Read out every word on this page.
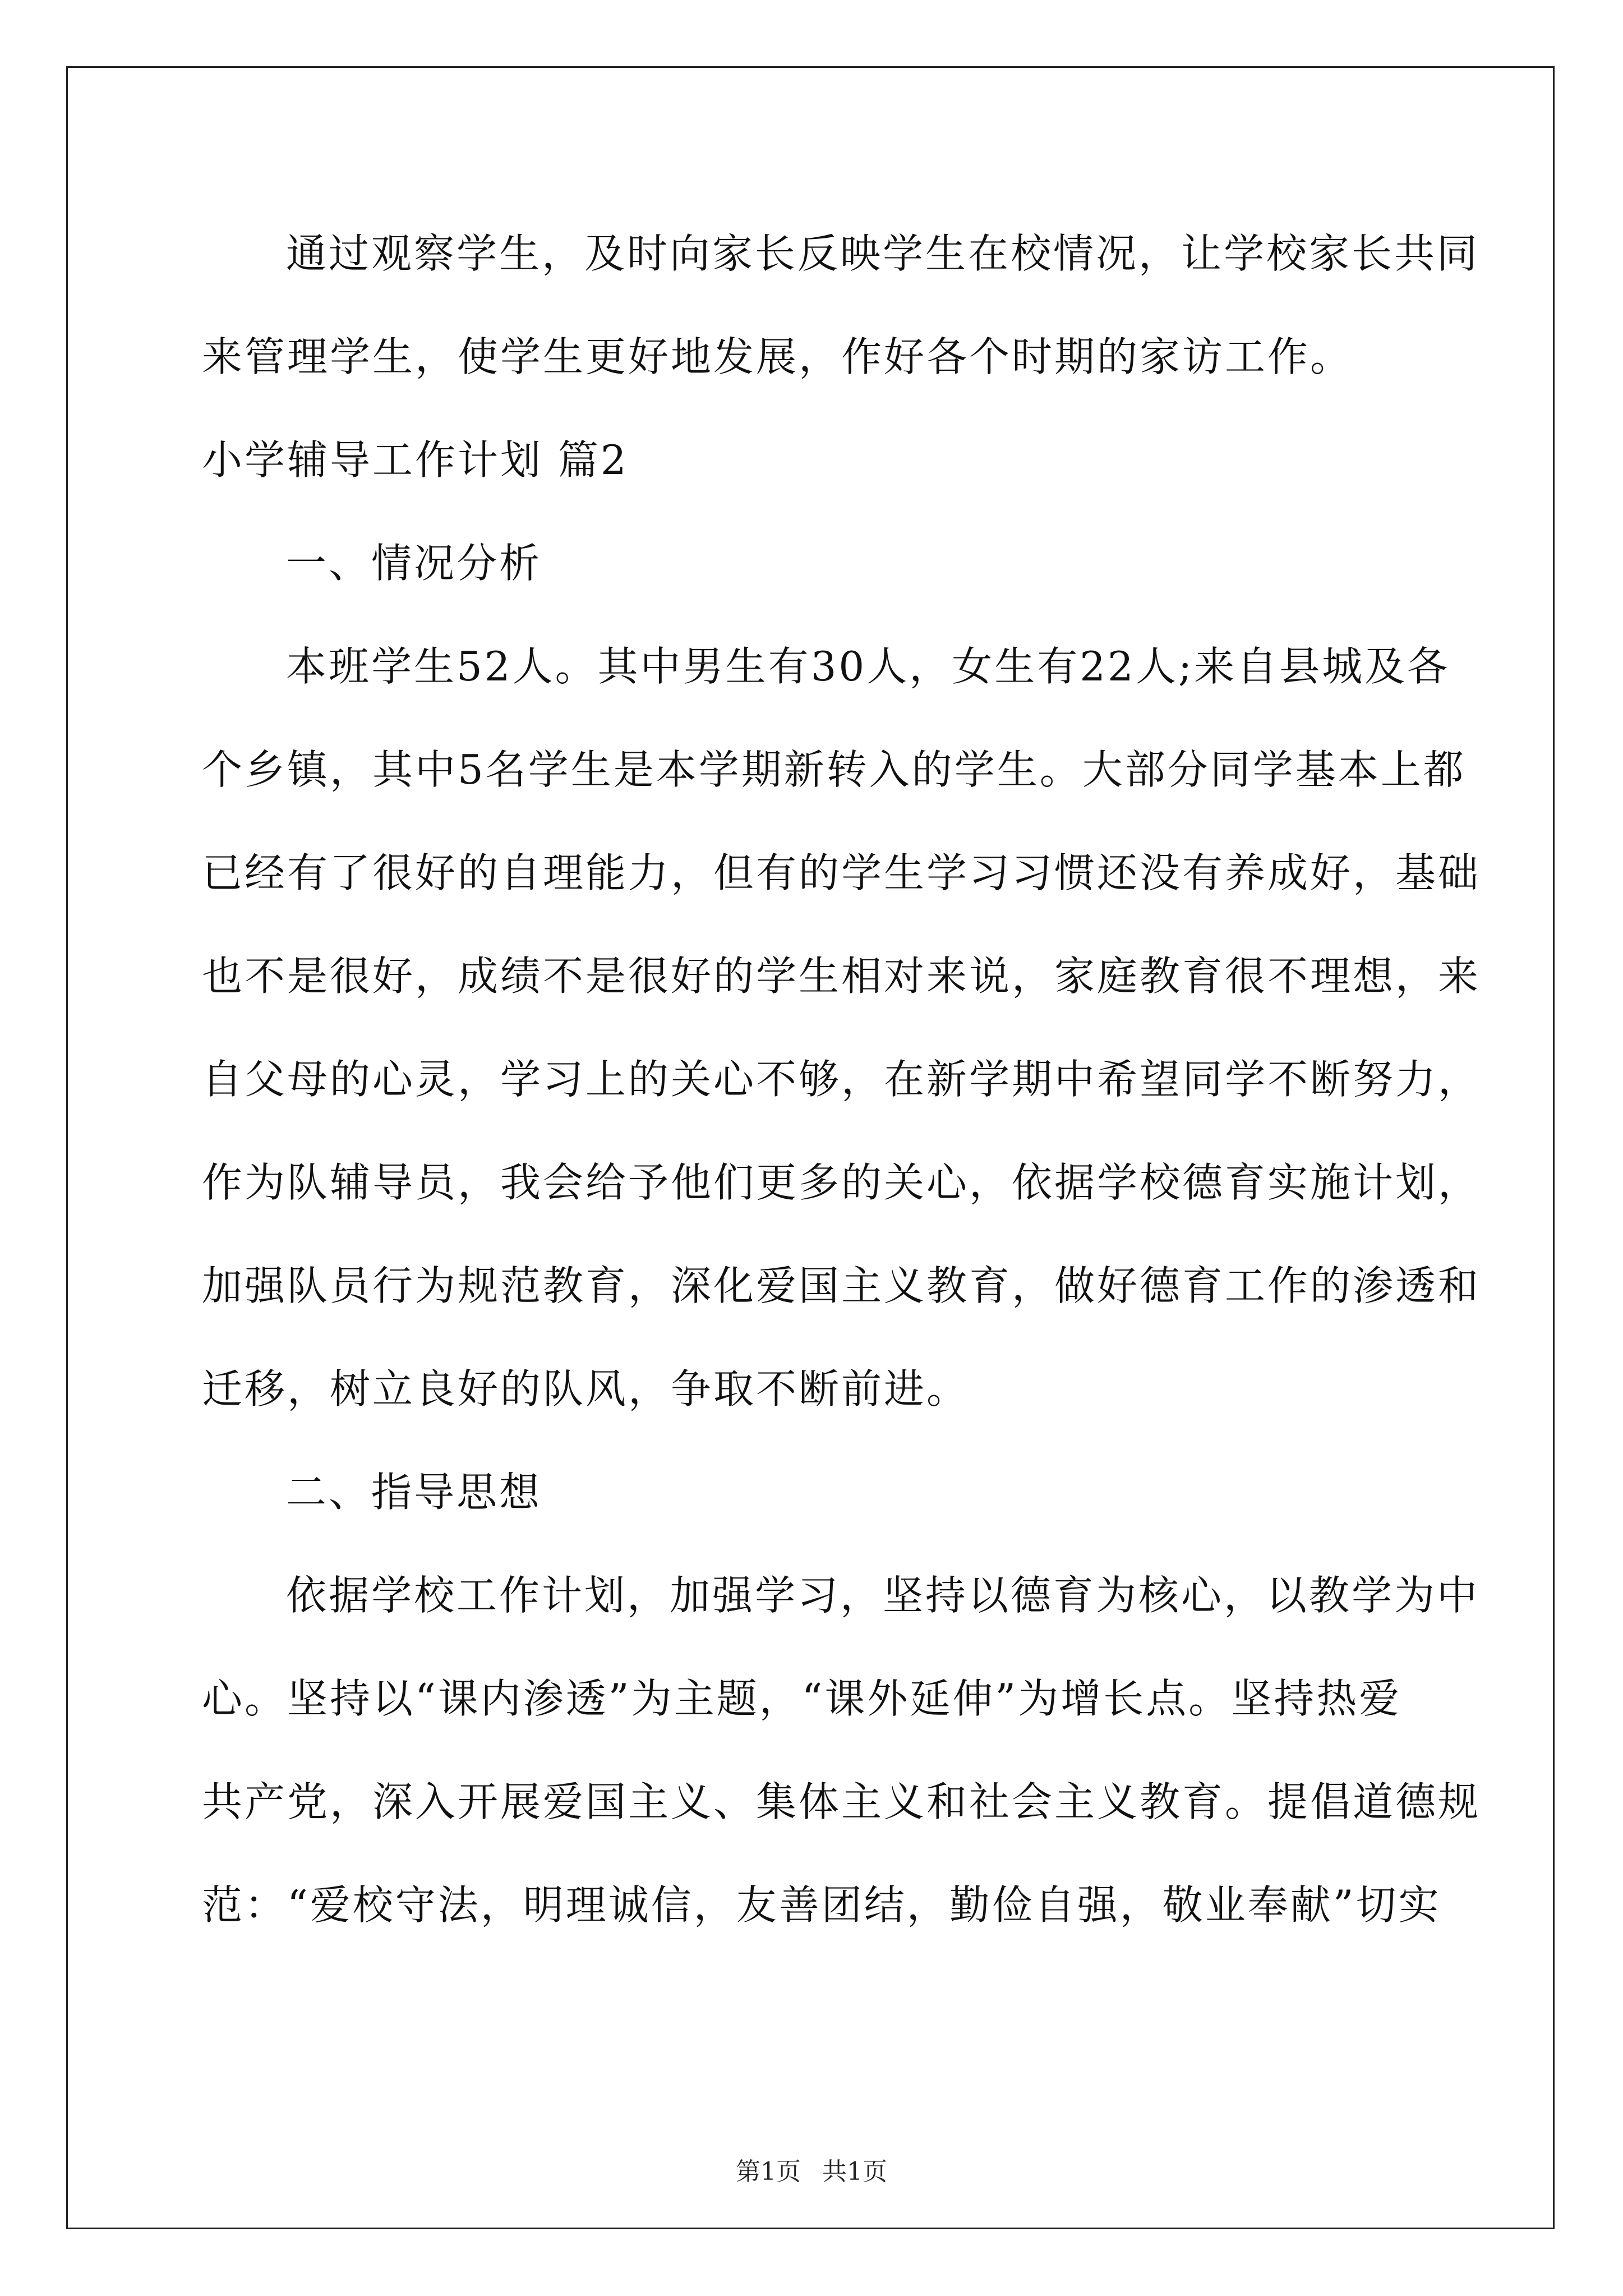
通过观察学生，及时向家长反映学生在校情况，让学校家长共同
来管理学生，使学生更好地发展，作好各个时期的家访工作。
小学辅导工作计划 篇2
一、情况分析
本班学生52人。其中男生有30人，女生有22人;来自县城及各
个乡镇，其中5名学生是本学期新转入的学生。大部分同学基本上都
已经有了很好的自理能力，但有的学生学习习惯还没有养成好，基础
也不是很好，成绩不是很好的学生相对来说，家庭教育很不理想，来
自父母的心灵，学习上的关心不够，在新学期中希望同学不断努力，
作为队辅导员，我会给予他们更多的关心，依据学校德育实施计划，
加强队员行为规范教育，深化爱国主义教育，做好德育工作的渗透和
迁移，树立良好的队风，争取不断前进。
二、指导思想
依据学校工作计划，加强学习，坚持以德育为核心，以教学为中
心。坚持以“课内渗透”为主题，“课外延伸”为增长点。坚持热爱
共产党，深入开展爱国主义、集体主义和社会主义教育。提倡道德规
范：“爱校守法，明理诚信，友善团结，勤俭自强，敬业奉献”切实
第1页 共1页
